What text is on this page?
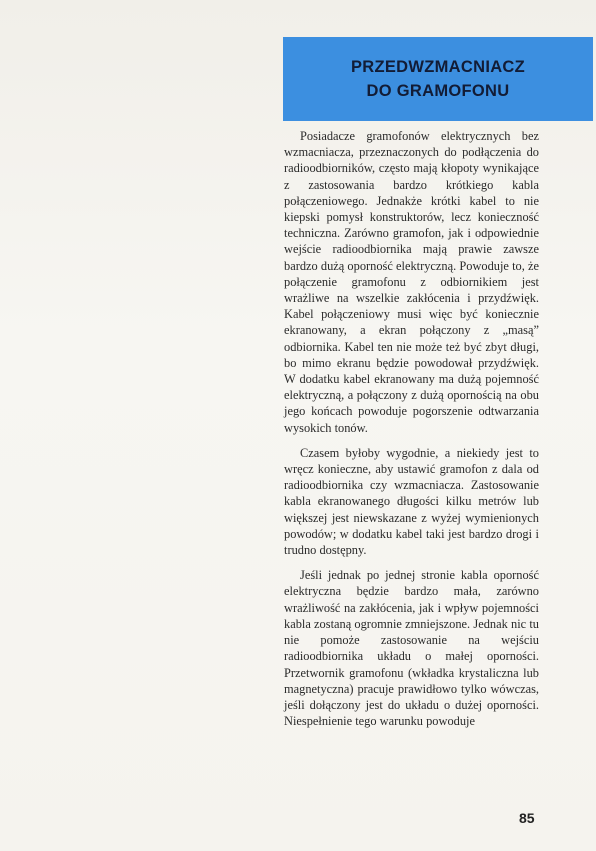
PRZEDWZMACNIACZ
DO GRAMOFONU

Posiadacze gramofonów elektrycznych bez wzmacniacza, przeznaczonych do podłączenia do radioodbiorników, często mają kłopoty wynikające z zastosowania bardzo krótkiego kabla połączeniowego. Jednakże krótki kabel to nie kiepski pomysł konstruktorów, lecz konieczność techniczna. Zarówno gramofon, jak i odpowiednie wejście radioodbiornika mają prawie zawsze bardzo dużą oporność elektryczną. Powoduje to, że połączenie gramofonu z odbiornikiem jest wrażliwe na wszelkie zakłócenia i przydźwięk. Kabel połączeniowy musi więc być koniecznie ekranowany, a ekran połączony z „masą” odbiornika. Kabel ten nie może też być zbyt długi, bo mimo ekranu będzie powodował przydźwięk. W dodatku kabel ekranowany ma dużą pojemność elektryczną, a połączony z dużą opornością na obu jego końcach powoduje pogorszenie odtwarzania wysokich tonów.

Czasem byłoby wygodnie, a niekiedy jest to wręcz konieczne, aby ustawić gramofon z dala od radioodbiornika czy wzmacniacza. Zastosowanie kabla ekranowanego długości kilku metrów lub większej jest niewskazane z wyżej wymienionych powodów; w dodatku kabel taki jest bardzo drogi i trudno dostępny.

Jeśli jednak po jednej stronie kabla oporność elektryczna będzie bardzo mała, zarówno wrażliwość na zakłócenia, jak i wpływ pojemności kabla zostaną ogromnie zmniejszone. Jednak nic tu nie pomoże zastosowanie na wejściu radioodbiornika układu o małej oporności. Przetwornik gramofonu (wkładka krystaliczna lub magnetyczna) pracuje prawidłowo tylko wówczas, jeśli dołączony jest do układu o dużej oporności. Niespełnienie tego warunku powoduje

85
